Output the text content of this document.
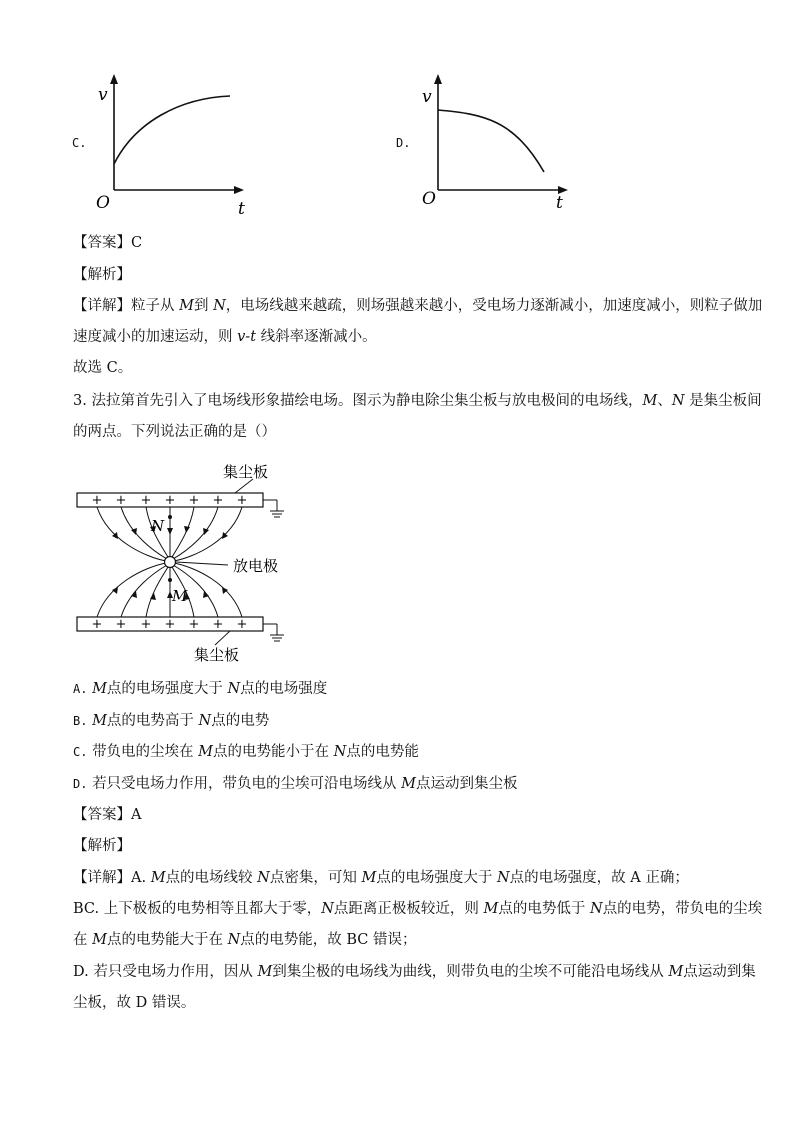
C.
v
t
O
D.
v
t
O
【答案】C
【解析】
【详解】粒子从 M到 N，电场线越来越疏，则场强越来越小，受电场力逐渐减小，加速度减小，则粒子做加
速度减小的加速运动，则 v-t 线斜率逐渐减小。
故选 C。
3. 法拉第首先引入了电场线形象描绘电场。图示为静电除尘集尘板与放电极间的电场线，M、N 是集尘板间
的两点。下列说法正确的是（）
+ + + + + + +
+ + + + + + +
N
M
集尘板
放电极
集尘板
A. M点的电场强度大于 N点的电场强度
B. M点的电势高于 N点的电势
C. 带负电的尘埃在 M点的电势能小于在 N点的电势能
D. 若只受电场力作用，带负电的尘埃可沿电场线从 M点运动到集尘板
【答案】A
【解析】
【详解】A. M点的电场线较 N点密集，可知 M点的电场强度大于 N点的电场强度，故 A 正确；
BC. 上下极板的电势相等且都大于零，N点距离正极板较近，则 M点的电势低于 N点的电势，带负电的尘埃
在 M点的电势能大于在 N点的电势能，故 BC 错误；
D. 若只受电场力作用，因从 M到集尘极的电场线为曲线，则带负电的尘埃不可能沿电场线从 M点运动到集
尘板，故 D 错误。
